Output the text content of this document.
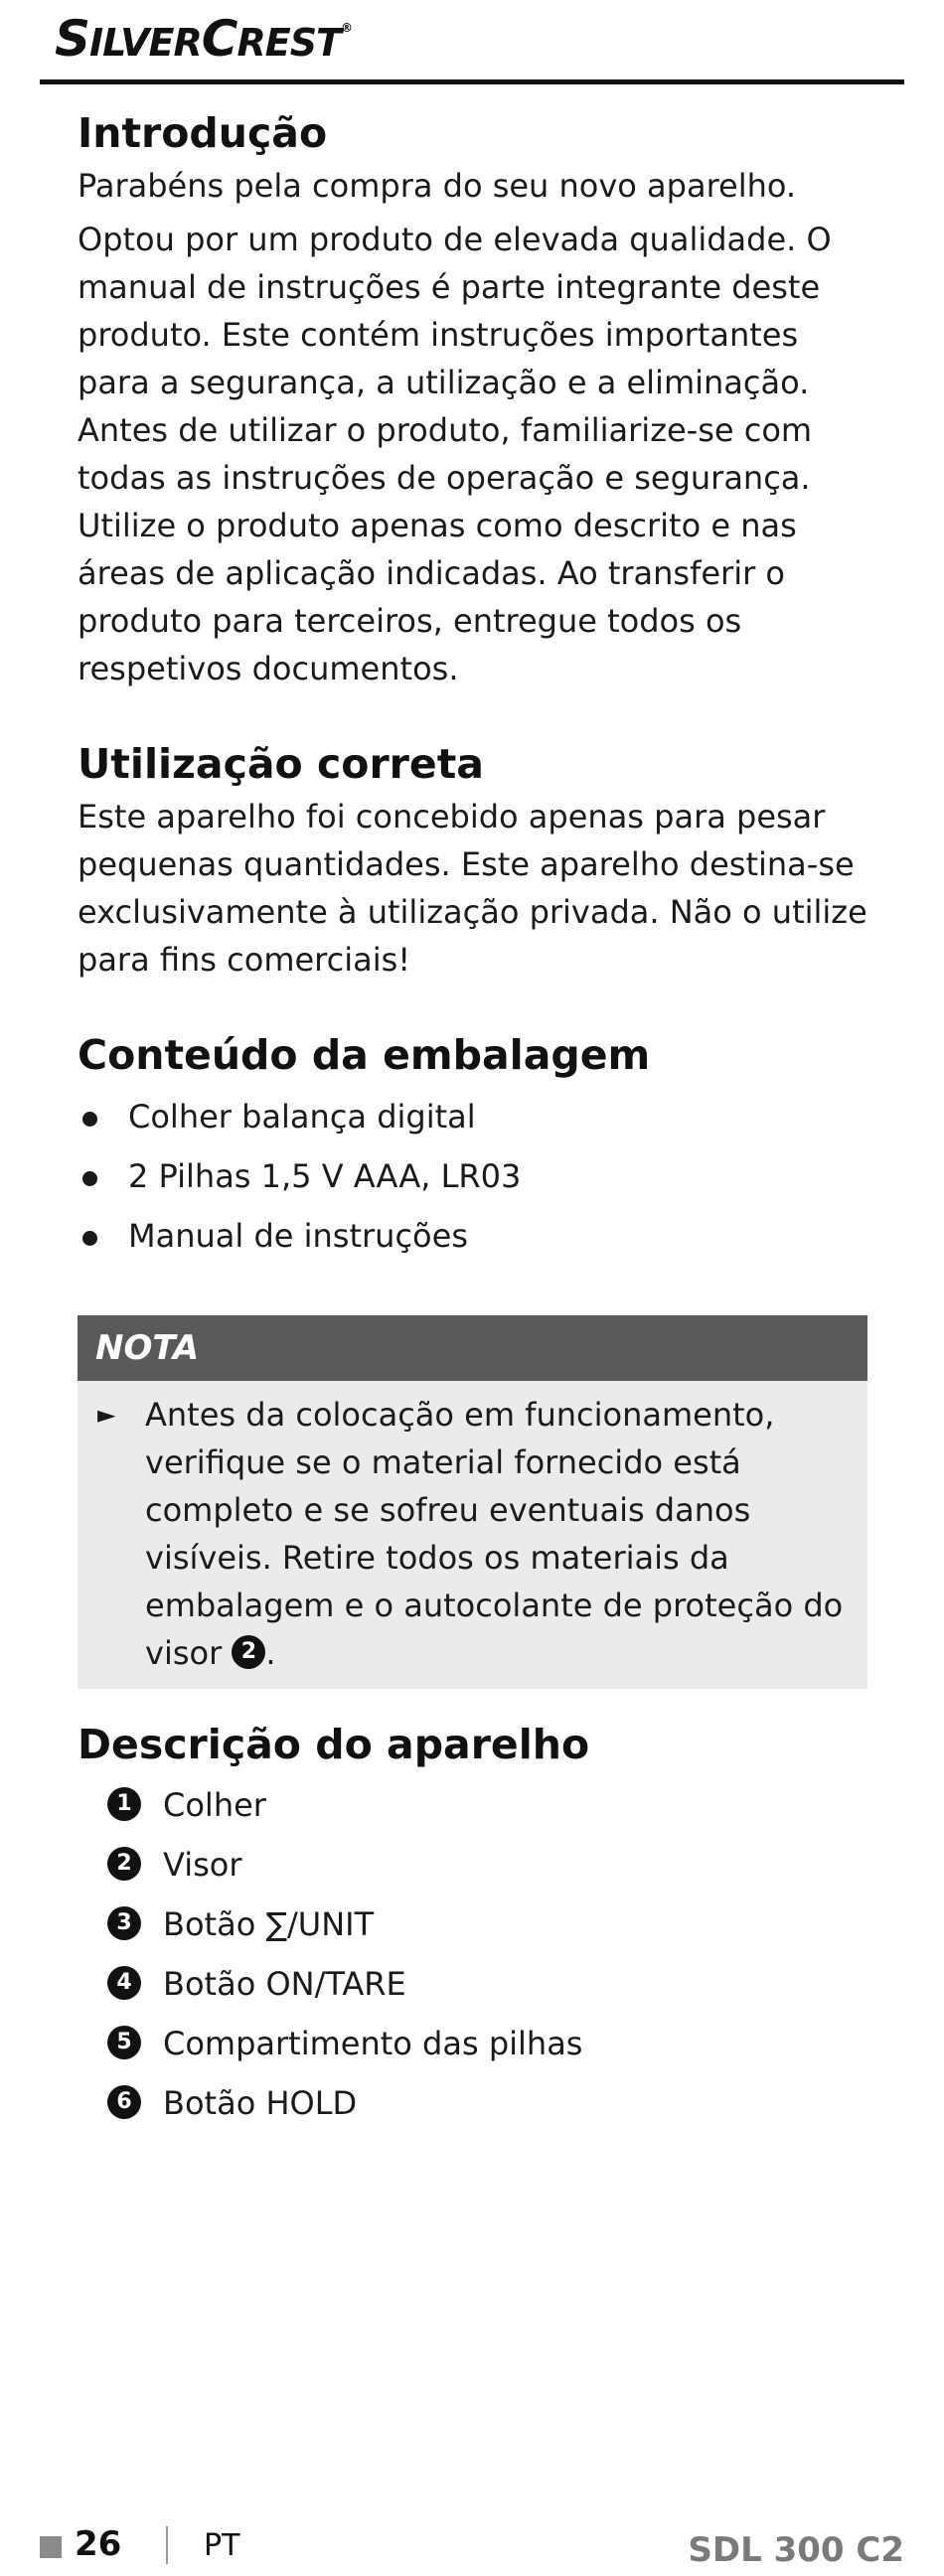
SILVERCREST®
Introdução

Parabéns pela compra do seu novo aparelho.

Optou por um produto de elevada qualidade. O manual de instruções é parte integrante deste produto. Este contém instruções importantes para a segurança, a utilização e a eliminação. Antes de utilizar o produto, familiarize-se com todas as instruções de operação e segurança. Utilize o produto apenas como descrito e nas áreas de aplicação indicadas. Ao transferir o produto para terceiros, entregue todos os respetivos documentos.

Utilização correta

Este aparelho foi concebido apenas para pesar pequenas quantidades. Este aparelho destina-se exclusivamente à utilização privada. Não o utilize para fins comerciais!

Conteúdo da embalagem
Colher balança digital
2 Pilhas 1,5 V AAA, LR03
Manual de instruções
NOTA
► Antes da colocação em funcionamento, verifique se o material fornecido está completo e se sofreu eventuais danos visíveis. Retire todos os materiais da embalagem e o autocolante de proteção do visor 2 .

Descrição do aparelho
1 Colher
2 Visor
3 Botão ∑/UNIT
4 Botão ON/TARE
5 Compartimento das pilhas
6 Botão HOLD
26	PT	SDL 300 C2
